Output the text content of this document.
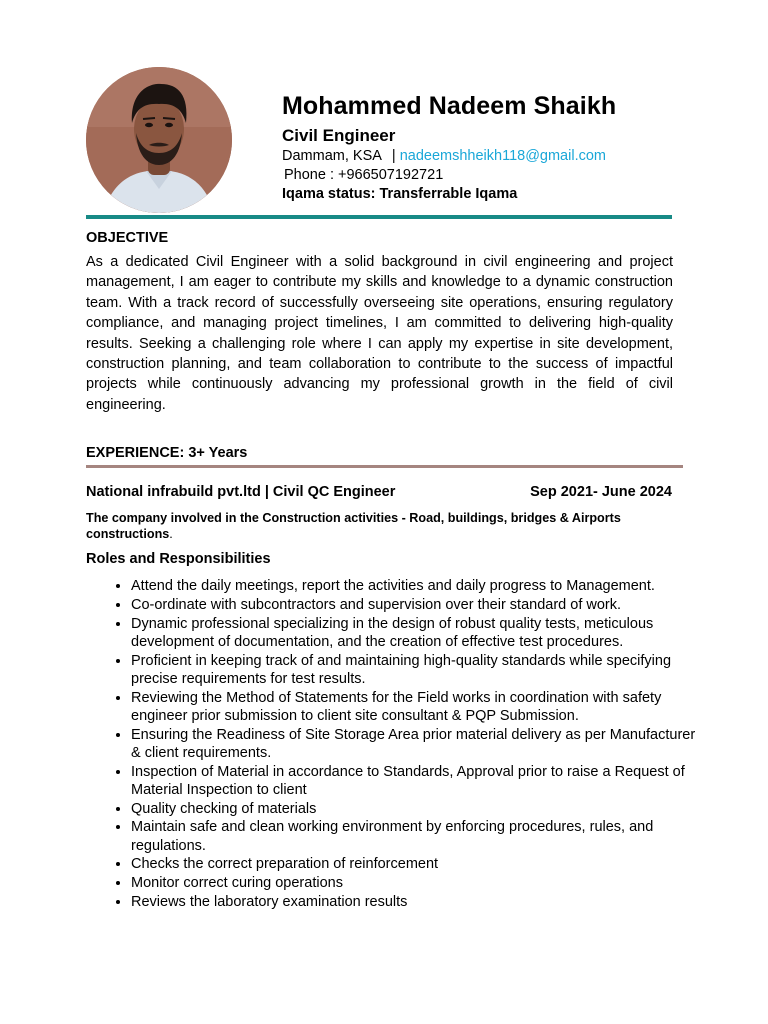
Mohammed Nadeem Shaikh
Civil Engineer
Dammam, KSA | nadeemshheikh118@gmail.com
Phone : +966507192721
Iqama status: Transferrable Iqama
OBJECTIVE
As a dedicated Civil Engineer with a solid background in civil engineering and project management, I am eager to contribute my skills and knowledge to a dynamic construction team. With a track record of successfully overseeing site operations, ensuring regulatory compliance, and managing project timelines, I am committed to delivering high-quality results. Seeking a challenging role where I can apply my expertise in site development, construction planning, and team collaboration to contribute to the success of impactful projects while continuously advancing my professional growth in the field of civil engineering.
EXPERIENCE: 3+ Years
National infrabuild pvt.ltd | Civil QC Engineer	Sep 2021- June 2024
The company involved in the Construction activities - Road, buildings, bridges & Airports constructions.
Roles and Responsibilities
• Attend the daily meetings, report the activities and daily progress to Management.
• Co-ordinate with subcontractors and supervision over their standard of work.
• Dynamic professional specializing in the design of robust quality tests, meticulous development of documentation, and the creation of effective test procedures.
• Proficient in keeping track of and maintaining high-quality standards while specifying precise requirements for test results.
• Reviewing the Method of Statements for the Field works in coordination with safety engineer prior submission to client site consultant & PQP Submission.
• Ensuring the Readiness of Site Storage Area prior material delivery as per Manufacturer & client requirements.
• Inspection of Material in accordance to Standards, Approval prior to raise a Request of Material Inspection to client
• Quality checking of materials
• Maintain safe and clean working environment by enforcing procedures, rules, and regulations.
• Checks the correct preparation of reinforcement
• Monitor correct curing operations
• Reviews the laboratory examination results
